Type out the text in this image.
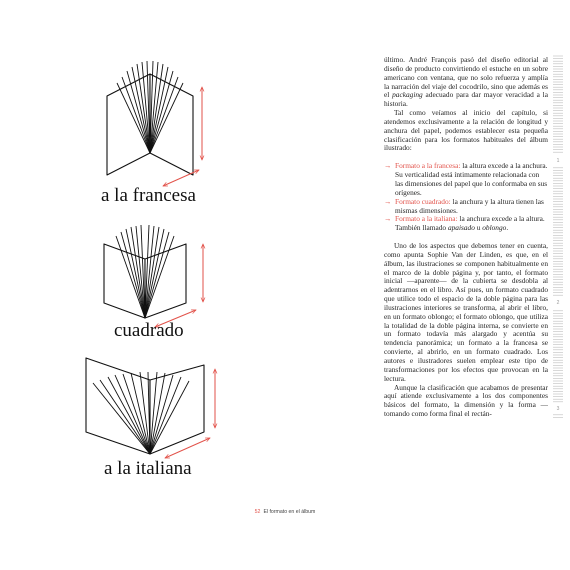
a la francesa
cuadrado
a la italiana

último. André François pasó del diseño editorial al diseño de producto convirtiendo el estuche en un sobre americano con ventana, que no solo refuerza y amplía la narración del viaje del cocodrilo, sino que además es el packaging adecuado para dar mayor veracidad a la historia.

Tal como veíamos al inicio del capítulo, si atendemos exclusivamente a la relación de longitud y anchura del papel, podemos establecer esta pequeña clasificación para los formatos habituales del álbum ilustrado:

→ Formato a la francesa: la altura excede a la anchura. Su verticalidad está íntimamente relacionada con las dimensiones del papel que lo conformaba en sus orígenes.
→ Formato cuadrado: la anchura y la altura tienen las mismas dimensiones.
→ Formato a la italiana: la anchura excede a la altura. También llamado apaisado u oblongo.

Uno de los aspectos que debemos tener en cuenta, como apunta Sophie Van der Linden, es que, en el álbum, las ilustraciones se componen habitualmente en el marco de la doble página y, por tanto, el formato inicial —aparente— de la cubierta se desdobla al adentrarnos en el libro. Así pues, un formato cuadrado que utilice todo el espacio de la doble página para las ilustraciones interiores se transforma, al abrir el libro, en un formato oblongo; el formato oblongo, que utiliza la totalidad de la doble página interna, se convierte en un formato todavía más alargado y acentúa su tendencia panorámica; un formato a la francesa se convierte, al abrirlo, en un formato cuadrado. Los autores e ilustradores suelen emplear este tipo de transformaciones por los efectos que provocan en la lectura.

Aunque la clasificación que acabamos de presentar aquí atiende exclusivamente a los dos componentes básicos del formato, la dimensión y la forma —tomando como forma final el rectán-

52 El formato en el álbum
1
2
3
